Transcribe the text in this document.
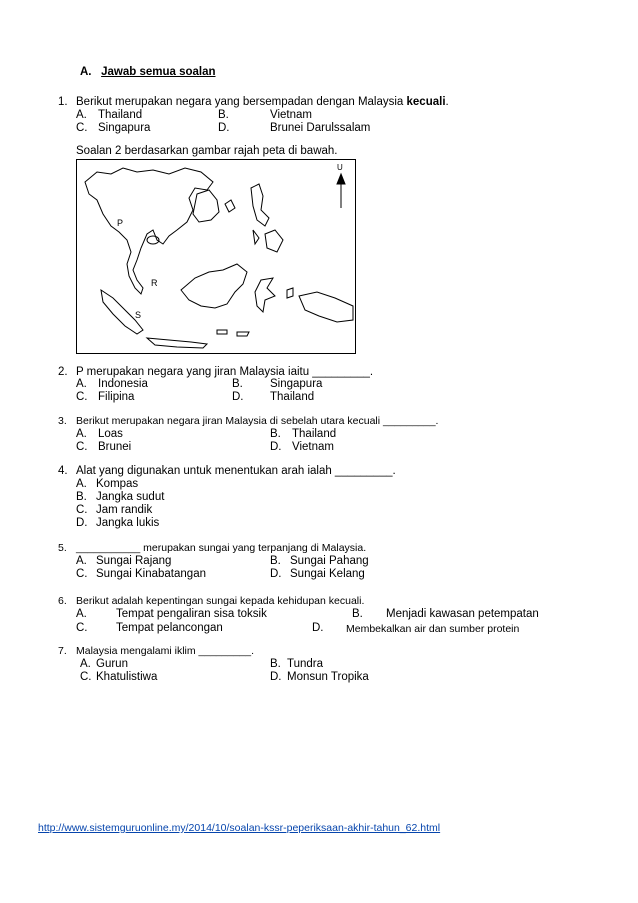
A. Jawab semua soalan
1. Berikut merupakan negara yang bersempadan dengan Malaysia kecuali.
A. Thailand	B.	Vietnam
C. Singapura	D.	Brunei Darulssalam
Soalan 2 berdasarkan gambar rajah peta di bawah.
P
R
S
U
2. P merupakan negara yang jiran Malaysia iaitu _________.
A. Indonesia	B. Singapura
C. Filipina	D. Thailand
3. Berikut merupakan negara jiran Malaysia di sebelah utara kecuali _________.
A. Loas	B. Thailand
C. Brunei	D. Vietnam
4. Alat yang digunakan untuk menentukan arah ialah _________.
A. Kompas
B. Jangka sudut
C. Jam randik
D. Jangka lukis
5. ___________ merupakan sungai yang terpanjang di Malaysia.
A. Sungai Rajang	B. Sungai Pahang
C. Sungai Kinabatangan	D. Sungai Kelang
6. Berikut adalah kepentingan sungai kepada kehidupan kecuali.
A.	Tempat pengaliran sisa toksik	B. Menjadi kawasan petempatan
C. Tempat pelancongan	D. Membekalkan air dan sumber protein
7. Malaysia mengalami iklim _________.
A. Gurun	B. Tundra
C. Khatulistiwa	D. Monsun Tropika
http://www.sistemguruonline.my/2014/10/soalan-kssr-peperiksaan-akhir-tahun_62.html
